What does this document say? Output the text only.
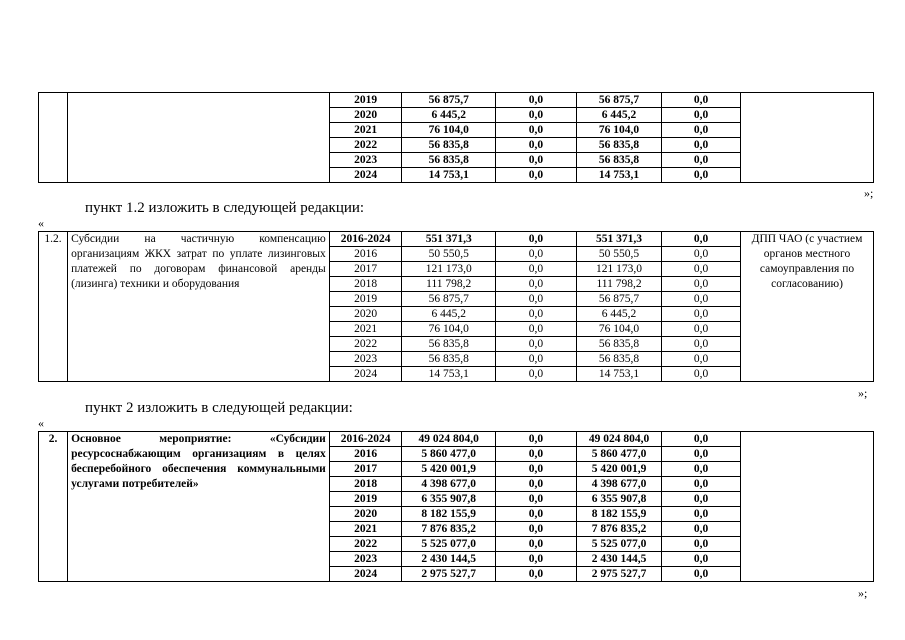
		2019	56 875,7	0,0	56 875,7	0,0	
		2020	6 445,2	0,0	6 445,2	0,0	
		2021	76 104,0	0,0	76 104,0	0,0	
		2022	56 835,8	0,0	56 835,8	0,0	
		2023	56 835,8	0,0	56 835,8	0,0	
		2024	14 753,1	0,0	14 753,1	0,0	
»;
пункт 1.2 изложить в следующей редакции:
«
1.2.	Субсидии на частичную компенсацию организациям ЖКХ затрат по уплате лизинговых платежей по договорам финансовой аренды (лизинга) техники и оборудования	2016-2024	551 371,3	0,0	551 371,3	0,0	ДПП ЧАО (с участием органов местного самоуправления по согласованию)
		2016	50 550,5	0,0	50 550,5	0,0	
		2017	121 173,0	0,0	121 173,0	0,0	
		2018	111 798,2	0,0	111 798,2	0,0	
		2019	56 875,7	0,0	56 875,7	0,0	
		2020	6 445,2	0,0	6 445,2	0,0	
		2021	76 104,0	0,0	76 104,0	0,0	
		2022	56 835,8	0,0	56 835,8	0,0	
		2023	56 835,8	0,0	56 835,8	0,0	
		2024	14 753,1	0,0	14 753,1	0,0	
»;
пункт 2 изложить в следующей редакции:
«
2.	Основное мероприятие: «Субсидии ресурсоснабжающим организациям в целях бесперебойного обеспечения коммунальными услугами потребителей»	2016-2024	49 024 804,0	0,0	49 024 804,0	0,0	
		2016	5 860 477,0	0,0	5 860 477,0	0,0	
		2017	5 420 001,9	0,0	5 420 001,9	0,0	
		2018	4 398 677,0	0,0	4 398 677,0	0,0	
		2019	6 355 907,8	0,0	6 355 907,8	0,0	
		2020	8 182 155,9	0,0	8 182 155,9	0,0	
		2021	7 876 835,2	0,0	7 876 835,2	0,0	
		2022	5 525 077,0	0,0	5 525 077,0	0,0	
		2023	2 430 144,5	0,0	2 430 144,5	0,0	
		2024	2 975 527,7	0,0	2 975 527,7	0,0	
»;
